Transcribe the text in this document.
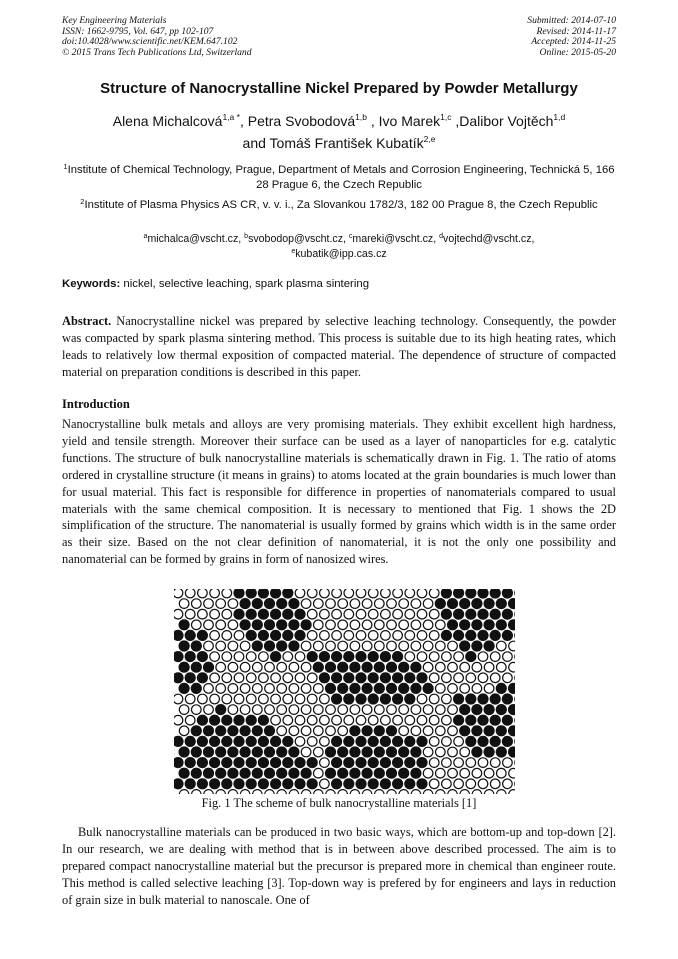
Key Engineering Materials
ISSN: 1662-9795, Vol. 647, pp 102-107
doi:10.4028/www.scientific.net/KEM.647.102
© 2015 Trans Tech Publications Ltd, Switzerland
Submitted: 2014-07-10
Revised: 2014-11-17
Accepted: 2014-11-25
Online: 2015-05-20
Structure of Nanocrystalline Nickel Prepared by Powder Metallurgy
Alena Michalcová$^{1,a *}$, Petra Svobodová$^{1,b}$ , Ivo Marek$^{1,c}$ ,Dalibor Vojtěch$^{1,d}$
and Tomáš František Kubatík$^{2,e}$
$^1$Institute of Chemical Technology, Prague, Department of Metals and Corrosion Engineering, Technická 5, 166 28 Prague 6, the Czech Republic
$^2$Institute of Plasma Physics AS CR, v. v. i., Za Slovankou 1782/3, 182 00 Prague 8, the Czech Republic
$^a$michalca@vscht.cz, $^b$svobodop@vscht.cz, $^c$mareki@vscht.cz, $^d$vojtechd@vscht.cz,
$^e$kubatik@ipp.cas.cz
Keywords: nickel, selective leaching, spark plasma sintering
Abstract. Nanocrystalline nickel was prepared by selective leaching technology. Consequently, the powder was compacted by spark plasma sintering method. This process is suitable due to its high heating rates, which leads to relatively low thermal exposition of compacted material. The dependence of structure of compacted material on preparation conditions is described in this paper.
Introduction
Nanocrystalline bulk metals and alloys are very promising materials. They exhibit excellent high hardness, yield and tensile strength. Moreover their surface can be used as a layer of nanoparticles for e.g. catalytic functions. The structure of bulk nanocrystalline materials is schematically drawn in Fig. 1. The ratio of atoms ordered in crystalline structure (it means in grains) to atoms located at the grain boundaries is much lower than for usual material. This fact is responsible for difference in properties of nanomaterials compared to usual materials with the same chemical composition. It is necessary to mentioned that Fig. 1 shows the 2D simplification of the structure. The nanomaterial is usually formed by grains which width is in the same order as their size. Based on the not clear definition of nanomaterial, it is not the only one possibility and nanomaterial can be formed by grains in form of nanosized wires.
Fig. 1 The scheme of bulk nanocrystalline materials [1]
Bulk nanocrystalline materials can be produced in two basic ways, which are bottom-up and top-down [2]. In our research, we are dealing with method that is in between above described processed. The aim is to prepared compact nanocrystalline material but the precursor is prepared more in chemical than engineer route. This method is called selective leaching [3]. Top-down way is prefered by for engineers and lays in reduction of grain size in bulk material to nanoscale. One of
